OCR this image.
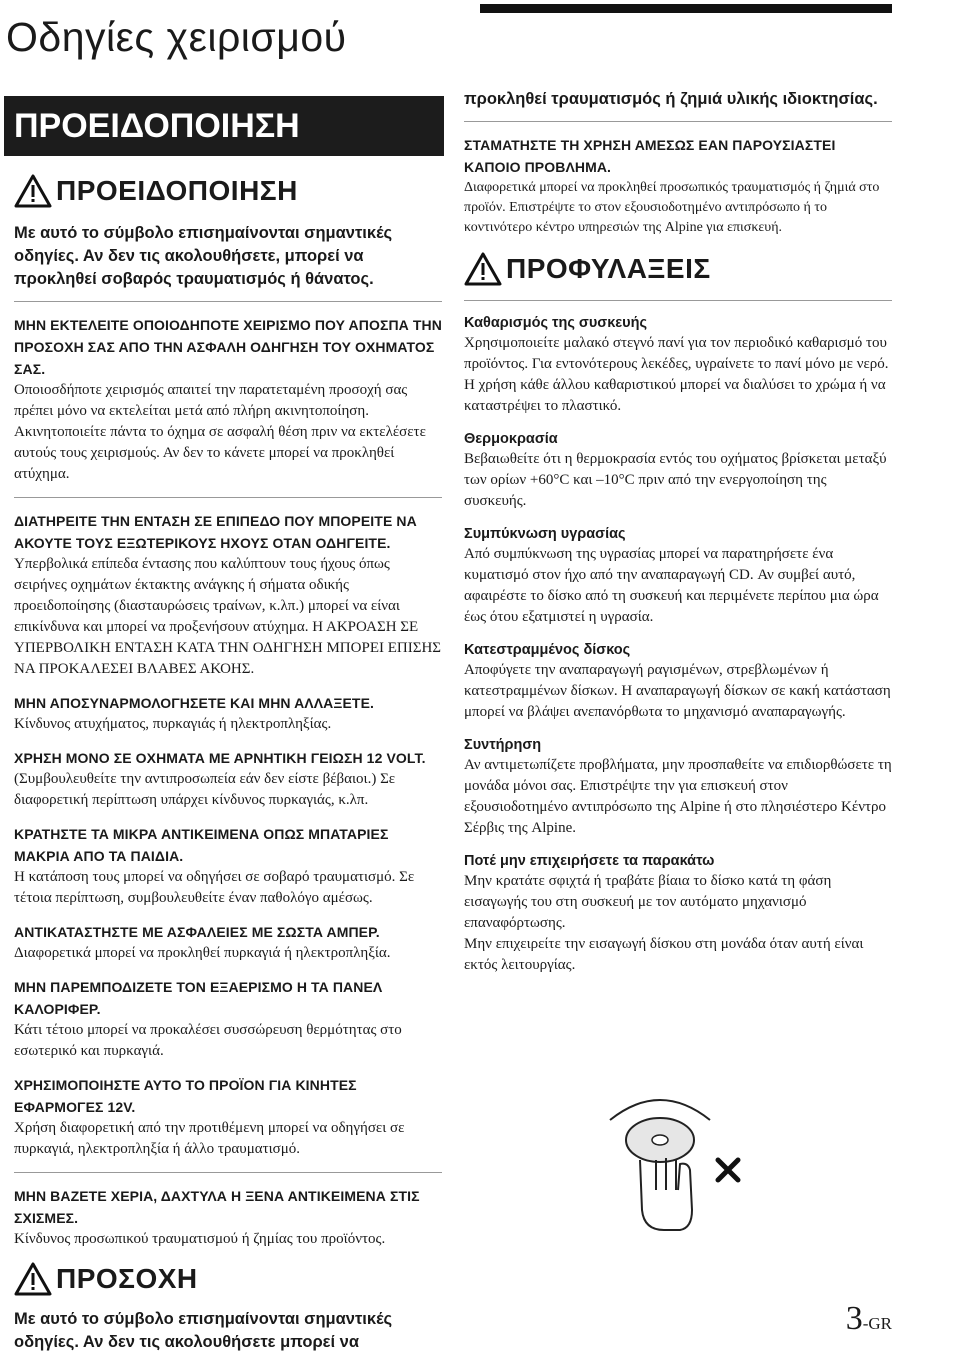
Οδηγίες χειρισμού
ΠΡΟΕΙΔΟΠΟΙΗΣΗ
ΠΡΟΕΙΔΟΠΟΙΗΣΗ
Με αυτό το σύμβολο επισημαίνονται σημαντικές οδηγίες. Αν δεν τις ακολουθήσετε, μπορεί να προκληθεί σοβαρός τραυματισμός ή θάνατος.
ΜΗΝ ΕΚΤΕΛΕΙΤΕ ΟΠΟΙΟΔΗΠΟΤΕ ΧΕΙΡΙΣΜΟ ΠΟΥ ΑΠΟΣΠΑ ΤΗΝ ΠΡΟΣΟΧΗ ΣΑΣ ΑΠΟ ΤΗΝ ΑΣΦΑΛΗ ΟΔΗΓΗΣΗ ΤΟΥ ΟΧΗΜΑΤΟΣ ΣΑΣ.
Οποιοσδήποτε χειρισμός απαιτεί την παρατεταμένη προσοχή σας πρέπει μόνο να εκτελείται μετά από πλήρη ακινητοποίηση. Ακινητοποιείτε πάντα το όχημα σε ασφαλή θέση πριν να εκτελέσετε αυτούς τους χειρισμούς. Αν δεν το κάνετε μπορεί να προκληθεί ατύχημα.
ΔΙΑΤΗΡΕΙΤΕ ΤΗΝ ΕΝΤΑΣΗ ΣΕ ΕΠΙΠΕΔΟ ΠΟΥ ΜΠΟΡΕΙΤΕ ΝΑ ΑΚΟΥΤΕ ΤΟΥΣ ΕΞΩΤΕΡΙΚΟΥΣ ΗΧΟΥΣ ΟΤΑΝ ΟΔΗΓΕΙΤΕ.
Υπερβολικά επίπεδα έντασης που καλύπτουν τους ήχους όπως σειρήνες οχημάτων έκτακτης ανάγκης ή σήματα οδικής προειδοποίησης (διασταυρώσεις τραίνων, κ.λπ.) μπορεί να είναι επικίνδυνα και μπορεί να προξενήσουν ατύχημα. Η ΑΚΡΟΑΣΗ ΣΕ ΥΠΕΡΒΟΛΙΚΗ ΕΝΤΑΣΗ ΚΑΤΑ ΤΗΝ ΟΔΗΓΗΣΗ ΜΠΟΡΕΙ ΕΠΙΣΗΣ ΝΑ ΠΡΟΚΑΛΕΣΕΙ ΒΛΑΒΕΣ ΑΚΟΗΣ.
ΜΗΝ ΑΠΟΣΥΝΑΡΜΟΛΟΓΗΣΕΤΕ ΚΑΙ ΜΗΝ ΑΛΛΑΞΕΤΕ.
Κίνδυνος ατυχήματος, πυρκαγιάς ή ηλεκτροπληξίας.
ΧΡΗΣΗ ΜΟΝΟ ΣΕ ΟΧΗΜΑΤΑ ΜΕ ΑΡΝΗΤΙΚΗ ΓΕΙΩΣΗ 12 VOLT.
(Συμβουλευθείτε την αντιπροσωπεία εάν δεν είστε βέβαιοι.) Σε διαφορετική περίπτωση υπάρχει κίνδυνος πυρκαγιάς, κ.λπ.
ΚΡΑΤΗΣΤΕ ΤΑ ΜΙΚΡΑ ΑΝΤΙΚΕΙΜΕΝΑ ΟΠΩΣ ΜΠΑΤΑΡΙΕΣ ΜΑΚΡΙΑ ΑΠΟ ΤΑ ΠΑΙΔΙΑ.
Η κατάποση τους μπορεί να οδηγήσει σε σοβαρό τραυματισμό. Σε τέτοια περίπτωση, συμβουλευθείτε έναν παθολόγο αμέσως.
ΑΝΤΙΚΑΤΑΣΤΗΣΤΕ ΜΕ ΑΣΦΑΛΕΙΕΣ ΜΕ ΣΩΣΤΑ ΑΜΠΕΡ.
Διαφορετικά μπορεί να προκληθεί πυρκαγιά ή ηλεκτροπληξία.
ΜΗΝ ΠΑΡΕΜΠΟΔΙΖΕΤΕ ΤΟΝ ΕΞΑΕΡΙΣΜΟ Η ΤΑ ΠΑΝΕΛ ΚΑΛΟΡΙΦΕΡ.
Κάτι τέτοιο μπορεί να προκαλέσει συσσώρευση θερμότητας στο εσωτερικό και πυρκαγιά.
ΧΡΗΣΙΜΟΠΟΙΗΣΤΕ ΑΥΤΟ ΤΟ ΠΡΟΪΟΝ ΓΙΑ ΚΙΝΗΤΕΣ ΕΦΑΡΜΟΓΕΣ 12V.
Χρήση διαφορετική από την προτιθέμενη μπορεί να οδηγήσει σε πυρκαγιά, ηλεκτροπληξία ή άλλο τραυματισμό.
ΜΗΝ ΒΑΖΕΤΕ ΧΕΡΙΑ, ΔΑΧΤΥΛΑ Η ΞΕΝΑ ΑΝΤΙΚΕΙΜΕΝΑ ΣΤΙΣ ΣΧΙΣΜΕΣ.
Κίνδυνος προσωπικού τραυματισμού ή ζημίας του προϊόντος.
ΠΡΟΣΟΧΗ
Με αυτό το σύμβολο επισημαίνονται σημαντικές οδηγίες. Αν δεν τις ακολουθήσετε μπορεί να
προκληθεί τραυματισμός ή ζημιά υλικής ιδιοκτησίας.
ΣΤΑΜΑΤΗΣΤΕ ΤΗ ΧΡΗΣΗ ΑΜΕΣΩΣ ΕΑΝ ΠΑΡΟΥΣΙΑΣΤΕΙ ΚΑΠΟΙΟ ΠΡΟΒΛΗΜΑ.
Διαφορετικά μπορεί να προκληθεί προσωπικός τραυματισμός ή ζημιά στο προϊόν. Επιστρέψτε το στον εξουσιοδοτημένο αντιπρόσωπο ή το κοντινότερο κέντρο υπηρεσιών της Alpine για επισκευή.
ΠΡΟΦΥΛΑΞΕΙΣ
Καθαρισμός της συσκευής
Χρησιμοποιείτε μαλακό στεγνό πανί για τον περιοδικό καθαρισμό του προϊόντος. Για εντονότερους λεκέδες, υγραίνετε το πανί μόνο με νερό. Η χρήση κάθε άλλου καθαριστικού μπορεί να διαλύσει το χρώμα ή να καταστρέψει το πλαστικό.
Θερμοκρασία
Βεβαιωθείτε ότι η θερμοκρασία εντός του οχήματος βρίσκεται μεταξύ των ορίων +60°C και –10°C πριν από την ενεργοποίηση της συσκευής.
Συμπύκνωση υγρασίας
Από συμπύκνωση της υγρασίας μπορεί να παρατηρήσετε ένα κυματισμό στον ήχο από την αναπαραγωγή CD. Αν συμβεί αυτό, αφαιρέστε το δίσκο από τη συσκευή και περιμένετε περίπου μια ώρα έως ότου εξατμιστεί η υγρασία.
Κατεστραμμένος δίσκος
Αποφύγετε την αναπαραγωγή ραγισμένων, στρεβλωμένων ή κατεστραμμένων δίσκων. Η αναπαραγωγή δίσκων σε κακή κατάσταση μπορεί να βλάψει ανεπανόρθωτα το μηχανισμό αναπαραγωγής.
Συντήρηση
Αν αντιμετωπίζετε προβλήματα, μην προσπαθείτε να επιδιορθώσετε τη μονάδα μόνοι σας. Επιστρέψτε την για επισκευή στον εξουσιοδοτημένο αντιπρόσωπο της Alpine ή στο πλησιέστερο Κέντρο Σέρβις της Alpine.
Ποτέ μην επιχειρήσετε τα παρακάτω
Μην κρατάτε σφιχτά ή τραβάτε βίαια το δίσκο κατά τη φάση εισαγωγής του στη συσκευή με τον αυτόματο μηχανισμό επαναφόρτωσης.
Μην επιχειρείτε την εισαγωγή δίσκου στη μονάδα όταν αυτή είναι εκτός λειτουργίας.
3-GR
